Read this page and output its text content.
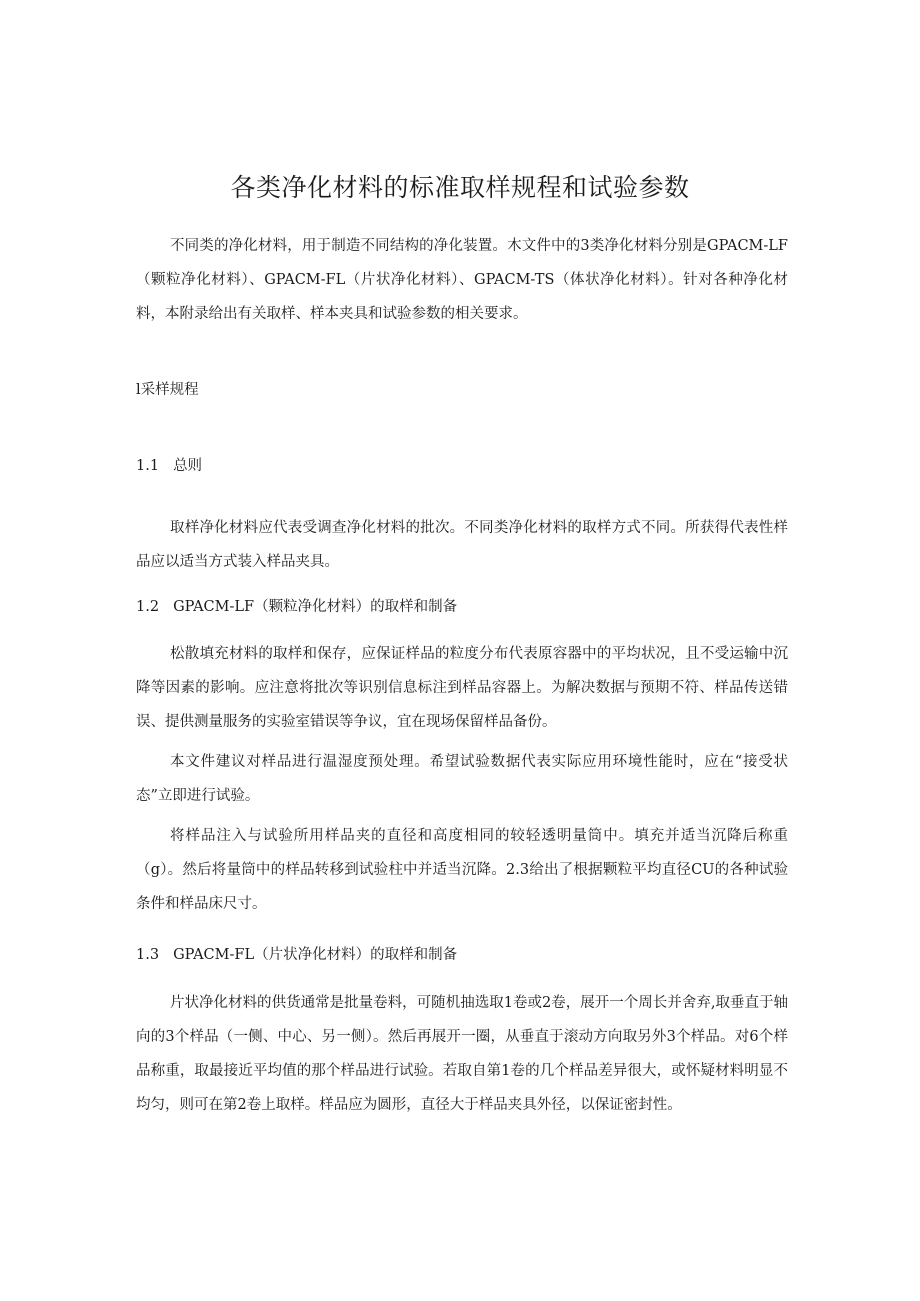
各类净化材料的标准取样规程和试验参数

不同类的净化材料，用于制造不同结构的净化装置。木文件中的3类净化材料分别是GPACM-LF（颗粒净化材料）、GPACM-FL（片状净化材料）、GPACM-TS（体状净化材料）。针对各种净化材料，本附录给出有关取样、样本夹具和试验参数的相关要求。

l采样规程
1.1 总则

取样净化材料应代表受调查净化材料的批次。不同类净化材料的取样方式不同。所获得代表性样品应以适当方式装入样品夹具。

1.2 GPACM-LF（颗粒净化材料）的取样和制备

松散填充材料的取样和保存，应保证样品的粒度分布代表原容器中的平均状况，且不受运输中沉降等因素的影响。应注意将批次等识别信息标注到样品容器上。为解决数据与预期不符、样品传送错误、提供测量服务的实验室错误等争议，宜在现场保留样品备份。

本文件建议对样品进行温湿度预处理。希望试验数据代表实际应用环境性能时，应在“接受状态”立即进行试验。

将样品注入与试验所用样品夹的直径和高度相同的较轻透明量筒中。填充并适当沉降后称重（g）。然后将量筒中的样品转移到试验柱中并适当沉降。2.3给出了根据颗粒平均直径CU的各种试验条件和样品床尺寸。

1.3 GPACM-FL（片状净化材料）的取样和制备

片状净化材料的供货通常是批量卷料，可随机抽选取1卷或2卷，展开一个周长并舍弃,取垂直于轴向的3个样品（一侧、中心、另一侧）。然后再展开一圈，从垂直于滚动方向取另外3个样品。对6个样品称重，取最接近平均值的那个样品进行试验。若取自第1卷的几个样品差异很大，或怀疑材料明显不均匀，则可在第2卷上取样。样品应为圆形，直径大于样品夹具外径，以保证密封性。
